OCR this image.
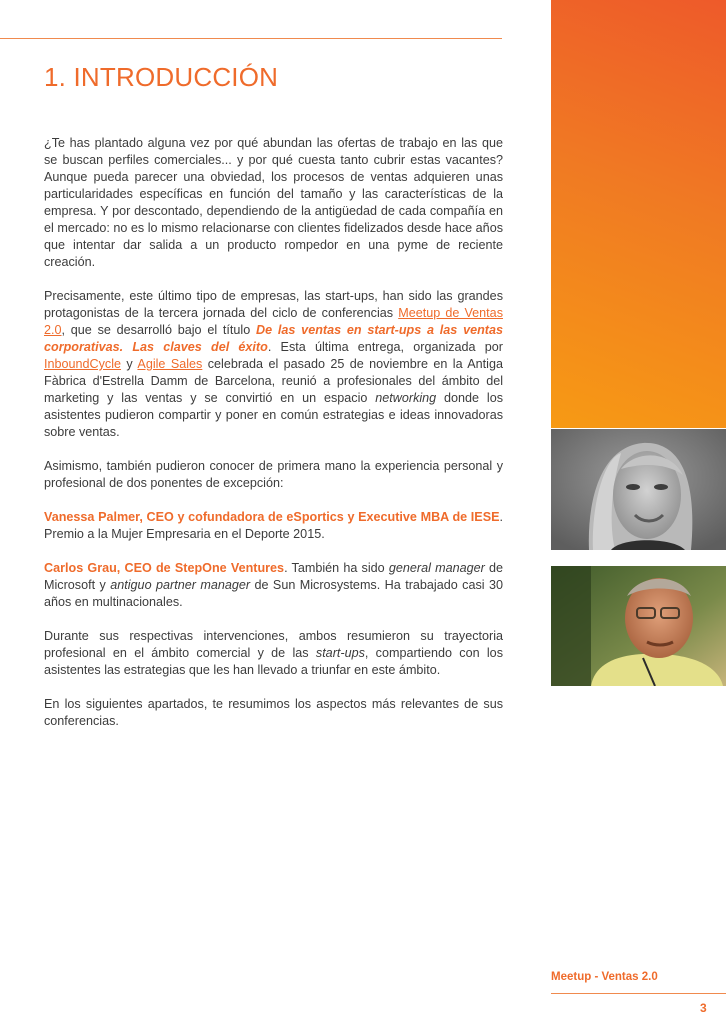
1. INTRODUCCIÓN

¿Te has plantado alguna vez por qué abundan las ofertas de trabajo en las que se buscan perfiles comerciales... y por qué cuesta tanto cubrir estas vacantes? Aunque pueda parecer una obviedad, los procesos de ventas adquieren unas particularidades específicas en función del tamaño y las características de la empresa. Y por descontado, dependiendo de la antigüedad de cada compañía en el mercado: no es lo mismo relacionarse con clientes fidelizados desde hace años que intentar dar salida a un producto rompedor en una pyme de reciente creación.

Precisamente, este último tipo de empresas, las start-ups, han sido las grandes protagonistas de la tercera jornada del ciclo de conferencias Meetup de Ventas 2.0, que se desarrolló bajo el título De las ventas en start-ups a las ventas corporativas. Las claves del éxito. Esta última entrega, organizada por InboundCycle y Agile Sales celebrada el pasado 25 de noviembre en la Antiga Fàbrica d'Estrella Damm de Barcelona, reunió a profesionales del ámbito del marketing y las ventas y se convirtió en un espacio networking donde los asistentes pudieron compartir y poner en común estrategias e ideas innovadoras sobre ventas.

Asimismo, también pudieron conocer de primera mano la experiencia personal y profesional de dos ponentes de excepción:

Vanessa Palmer, CEO y cofundadora de eSportics y Executive MBA de IESE. Premio a la Mujer Empresaria en el Deporte 2015.

Carlos Grau, CEO de StepOne Ventures. También ha sido general manager de Microsoft y antiguo partner manager de Sun Microsystems. Ha trabajado casi 30 años en multinacionales.

Durante sus respectivas intervenciones, ambos resumieron su trayectoria profesional en el ámbito comercial y de las start-ups, compartiendo con los asistentes las estrategias que les han llevado a triunfar en este ámbito.

En los siguientes apartados, te resumimos los aspectos más relevantes de sus conferencias.

Meetup - Ventas 2.0
3
